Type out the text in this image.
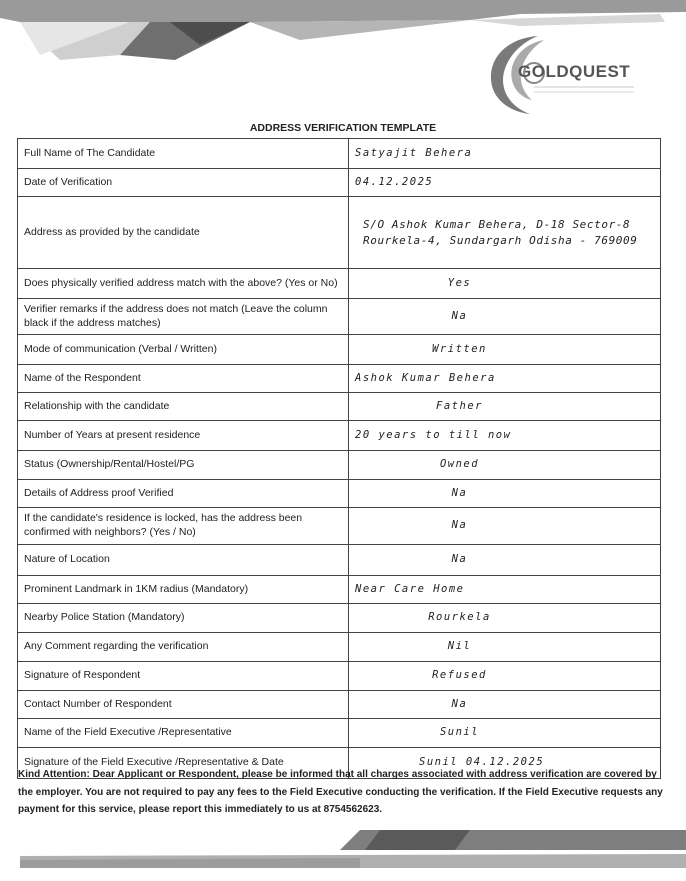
GOLDQUEST
ADDRESS VERIFICATION TEMPLATE
Full Name of The Candidate	Satyajit Behera
Date of Verification	04.12.2025
Address as provided by the candidate	S/O Ashok Kumar Behera, D-18 Sector-8 Rourkela-4, Sundargarh Odisha - 769009

Does physically verified address match with the above? (Yes or No)	Yes

Verifier remarks if the address does not match (Leave the column black if the address matches)	Na

Mode of communication (Verbal / Written)	Written

Name of the Respondent	Ashok Kumar Behera
Relationship with the candidate	Father

Number of Years at present residence	20 years to till now
Status (Ownership/Rental/Hostel/PG	Owned

Details of Address proof Verified	Na

If the candidate's residence is locked, has the address been confirmed with neighbors? (Yes / No)	Na

Nature of Location	Na

Prominent Landmark in 1KM radius (Mandatory)	Near Care Home
Nearby Police Station (Mandatory)	Rourkela

Any Comment regarding the verification	Nil

Signature of Respondent	Refused

Contact Number of Respondent	Na

Name of the Field Executive /Representative	Sunil

Signature of the Field Executive /Representative & Date	Sunil 04.12.2025
Kind Attention: Dear Applicant or Respondent, please be informed that all charges associated with address verification are covered by the employer. You are not required to pay any fees to the Field Executive conducting the verification. If the Field Executive requests any payment for this service, please report this immediately to us at 8754562623.
